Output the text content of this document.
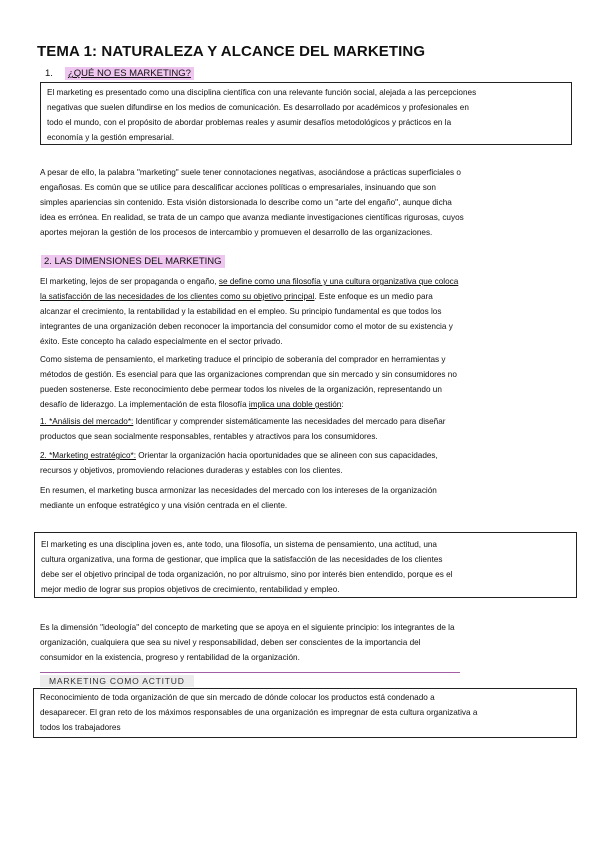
TEMA 1: NATURALEZA Y ALCANCE DEL MARKETING
1. ¿QUÉ NO ES MARKETING?

El marketing es presentado como una disciplina científica con una relevante función social, alejada a las percepciones

negativas que suelen difundirse en los medios de comunicación. Es desarrollado por académicos y profesionales en

todo el mundo, con el propósito de abordar problemas reales y asumir desafíos metodológicos y prácticos en la

economía y la gestión empresarial.

A pesar de ello, la palabra "marketing" suele tener connotaciones negativas, asociándose a prácticas superficiales o

engañosas. Es común que se utilice para descalificar acciones políticas o empresariales, insinuando que son

simples apariencias sin contenido. Esta visión distorsionada lo describe como un "arte del engaño", aunque dicha

idea es errónea. En realidad, se trata de un campo que avanza mediante investigaciones científicas rigurosas, cuyos

aportes mejoran la gestión de los procesos de intercambio y promueven el desarrollo de las organizaciones.

2. LAS DIMENSIONES DEL MARKETING

El marketing, lejos de ser propaganda o engaño, se define como una filosofía y una cultura organizativa que coloca

la satisfacción de las necesidades de los clientes como su objetivo principal. Este enfoque es un medio para

alcanzar el crecimiento, la rentabilidad y la estabilidad en el empleo. Su principio fundamental es que todos los

integrantes de una organización deben reconocer la importancia del consumidor como el motor de su existencia y

éxito. Este concepto ha calado especialmente en el sector privado.

Como sistema de pensamiento, el marketing traduce el principio de soberanía del comprador en herramientas y

métodos de gestión. Es esencial para que las organizaciones comprendan que sin mercado y sin consumidores no

pueden sostenerse. Este reconocimiento debe permear todos los niveles de la organización, representando un

desafío de liderazgo. La implementación de esta filosofía implica una doble gestión:

1. *Análisis del mercado*: Identificar y comprender sistemáticamente las necesidades del mercado para diseñar

productos que sean socialmente responsables, rentables y atractivos para los consumidores.

2. *Marketing estratégico*: Orientar la organización hacia oportunidades que se alineen con sus capacidades,

recursos y objetivos, promoviendo relaciones duraderas y estables con los clientes.

En resumen, el marketing busca armonizar las necesidades del mercado con los intereses de la organización

mediante un enfoque estratégico y una visión centrada en el cliente.

El marketing es una disciplina joven es, ante todo, una filosofía, un sistema de pensamiento, una actitud, una

cultura organizativa, una forma de gestionar, que implica que la satisfacción de las necesidades de los clientes

debe ser el objetivo principal de toda organización, no por altruismo, sino por interés bien entendido, porque es el

mejor medio de lograr sus propios objetivos de crecimiento, rentabilidad y empleo.

Es la dimensión "ideología" del concepto de marketing que se apoya en el siguiente principio: los integrantes de la

organización, cualquiera que sea su nivel y responsabilidad, deben ser conscientes de la importancia del

consumidor en la existencia, progreso y rentabilidad de la organización.

MARKETING COMO ACTITUD

Reconocimiento de toda organización de que sin mercado de dónde colocar los productos está condenado a

desaparecer. El gran reto de los máximos responsables de una organización es impregnar de esta cultura organizativa a

todos los trabajadores
